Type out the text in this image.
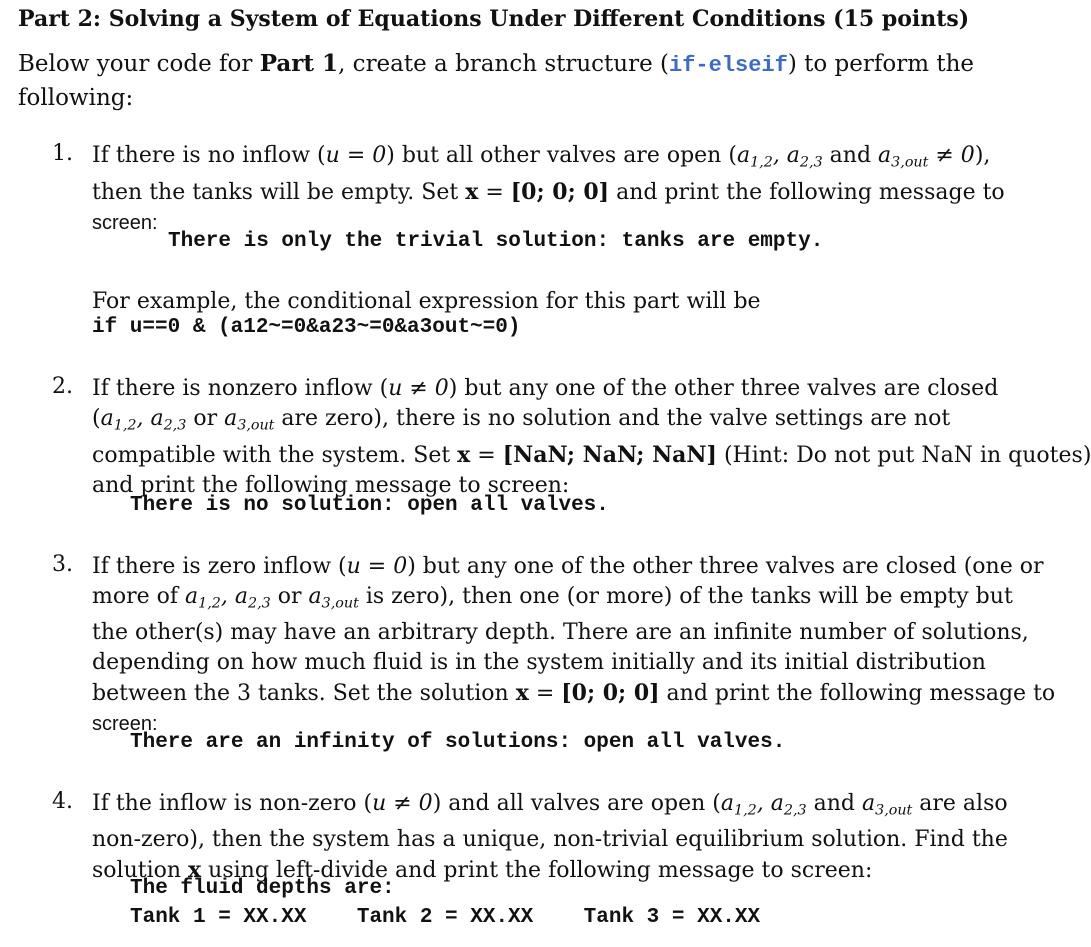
Part 2: Solving a System of Equations Under Different Conditions (15 points)
Below your code for Part 1, create a branch structure (if-elseif) to perform the
following:
1. If there is no inflow (u = 0) but all other valves are open ($a_{1,2}$, $a_{2,3}$ and $a_{3,out} \ne 0$),
then the tanks will be empty. Set x = [0; 0; 0] and print the following message to
screen:
There is only the trivial solution: tanks are empty.
For example, the conditional expression for this part will be
if u==0 & (a12~=0&a23~=0&a3out~=0)
2. If there is nonzero inflow (u ≠ 0) but any one of the other three valves are closed
($a_{1,2}$, $a_{2,3}$ or $a_{3,out}$ are zero), there is no solution and the valve settings are not
compatible with the system. Set x = [NaN; NaN; NaN] (Hint: Do not put NaN in quotes)
and print the following message to screen:
There is no solution: open all valves.
3. If there is zero inflow (u = 0) but any one of the other three valves are closed (one or
more of $a_{1,2}$, $a_{2,3}$ or $a_{3,out}$ is zero), then one (or more) of the tanks will be empty but
the other(s) may have an arbitrary depth. There are an infinite number of solutions,
depending on how much fluid is in the system initially and its initial distribution
between the 3 tanks. Set the solution x = [0; 0; 0] and print the following message to
screen:
There are an infinity of solutions: open all valves.
4. If the inflow is non-zero (u ≠ 0) and all valves are open ($a_{1,2}$, $a_{2,3}$ and $a_{3,out}$ are also
non-zero), then the system has a unique, non-trivial equilibrium solution. Find the
solution x using left-divide and print the following message to screen:
The fluid depths are:
Tank 1 = XX.XX    Tank 2 = XX.XX    Tank 3 = XX.XX
